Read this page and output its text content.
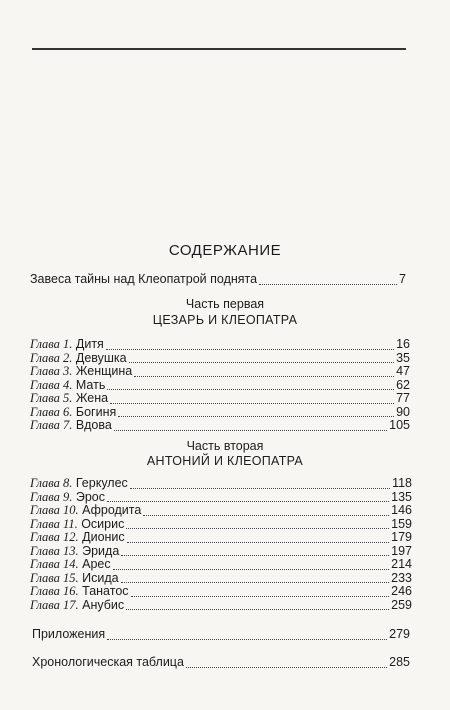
СОДЕРЖАНИЕ
Завеса тайны над Клеопатрой поднята	7
Часть первая
ЦЕЗАРЬ И КЛЕОПАТРА
Глава 1. Дитя	16
Глава 2. Девушка	35
Глава 3. Женщина	47
Глава 4. Мать	62
Глава 5. Жена	77
Глава 6. Богиня	90
Глава 7. Вдова	105
Часть вторая
АНТОНИЙ И КЛЕОПАТРА
Глава 8. Геркулес	118
Глава 9. Эрос	135
Глава 10. Афродита	146
Глава 11. Осирис	159
Глава 12. Дионис	179
Глава 13. Эрида	197
Глава 14. Арес	214
Глава 15. Исида	233
Глава 16. Танатос	246
Глава 17. Анубис	259
Приложения	279
Хронологическая таблица	285
